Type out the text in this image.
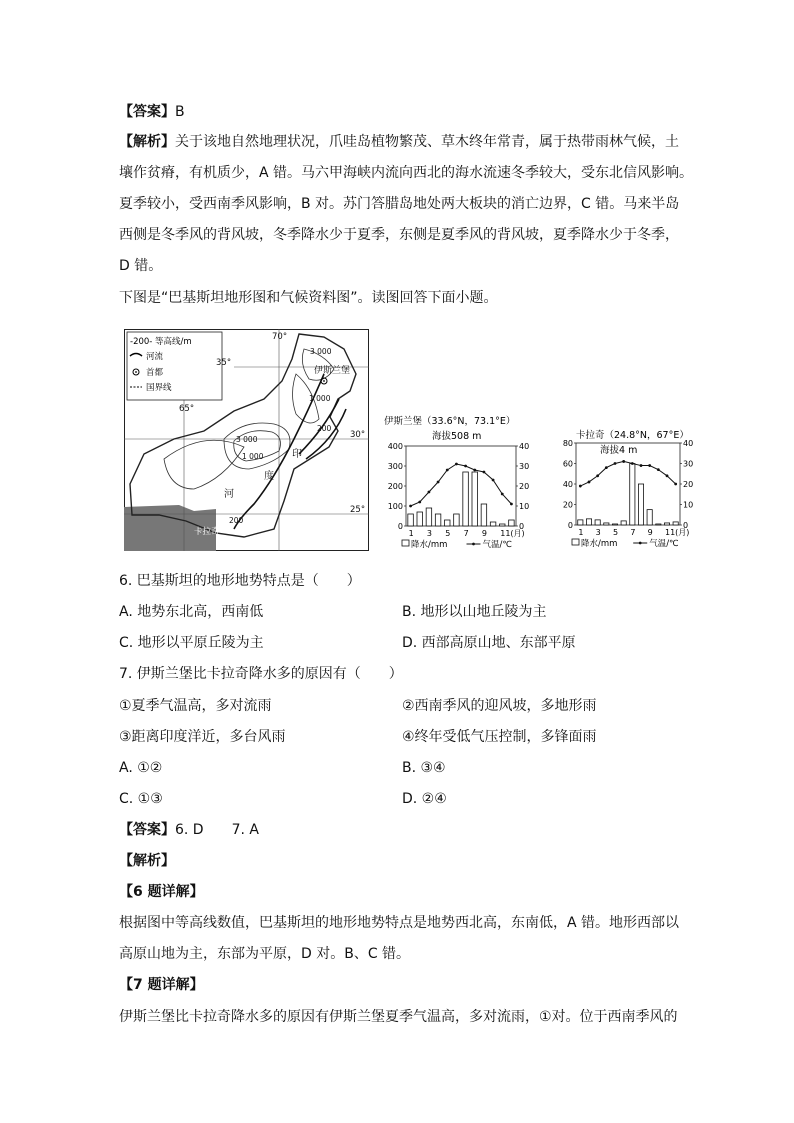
【答案】B
【解析】关于该地自然地理状况，爪哇岛植物繁茂、草木终年常青，属于热带雨林气候，土
壤作贫瘠，有机质少，A 错。马六甲海峡内流向西北的海水流速冬季较大，受东北信风影响。
夏季较小，受西南季风影响，B 对。苏门答腊岛地处两大板块的消亡边界，C 错。马来半岛
西侧是冬季风的背风坡，冬季降水少于夏季，东侧是夏季风的背风坡，夏季降水少于冬季，
D 错。
下图是“巴基斯坦地形图和气候资料图”。读图回答下面小题。
-200- 等高线/m
河流
首都
国界线
70°
65°
35°
30°
25°
3 000
3 000
1 000
1 000
200
200
伊斯兰堡
卡拉奇
印
度
河
伊斯兰堡（33.6°N，73.1°E）
海拔508 m
0
100
200
300
400
0
10
20
30
40
1 3 5 7 9 11(月)
降水/mm	气温/℃
卡拉奇（24.8°N，67°E）
海拔4 m
0
20
40
60
80
0
10
20
30
40
1 3 5 7 9 11(月)
降水/mm	气温/℃
6. 巴基斯坦的地形地势特点是（　　）
A. 地势东北高，西南低	B. 地形以山地丘陵为主
C. 地形以平原丘陵为主	D. 西部高原山地、东部平原
7. 伊斯兰堡比卡拉奇降水多的原因有（　　）
①夏季气温高，多对流雨	②西南季风的迎风坡，多地形雨
③距离印度洋近，多台风雨	④终年受低气压控制，多锋面雨
A. ①②	B. ③④
C. ①③	D. ②④
【答案】6. D　　7. A
【解析】
【6 题详解】
根据图中等高线数值，巴基斯坦的地形地势特点是地势西北高，东南低，A 错。地形西部以
高原山地为主，东部为平原，D 对。B、C 错。
【7 题详解】
伊斯兰堡比卡拉奇降水多的原因有伊斯兰堡夏季气温高，多对流雨，①对。位于西南季风的
